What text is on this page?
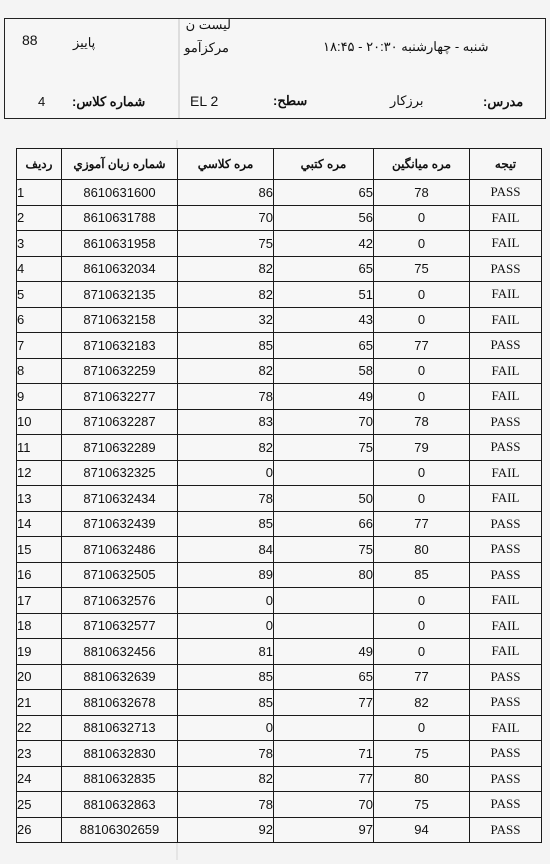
88	پاییز
لیست ن
مرکزآمو	شنبه - چهارشنبه ۲۰:۳۰ - ۱۸:۴۵
4 شماره کلاس:	EL 2	سطح:	برزکار	مدرس:
ردیف	شماره زبان آموزي	مره كلاسي	مره كتبي	مره ميانگين	تيجه
1	8610631600	86	65	78	PASS
2	8610631788	70	56	0	FAIL
3	8610631958	75	42	0	FAIL
4	8610632034	82	65	75	PASS
5	8710632135	82	51	0	FAIL
6	8710632158	32	43	0	FAIL
7	8710632183	85	65	77	PASS
8	8710632259	82	58	0	FAIL
9	8710632277	78	49	0	FAIL
10	8710632287	83	70	78	PASS
11	8710632289	82	75	79	PASS
12	8710632325	0		0	FAIL
13	8710632434	78	50	0	FAIL
14	8710632439	85	66	77	PASS
15	8710632486	84	75	80	PASS
16	8710632505	89	80	85	PASS
17	8710632576	0		0	FAIL
18	8710632577	0		0	FAIL
19	8810632456	81	49	0	FAIL
20	8810632639	85	65	77	PASS
21	8810632678	85	77	82	PASS
22	8810632713	0		0	FAIL
23	8810632830	78	71	75	PASS
24	8810632835	82	77	80	PASS
25	8810632863	78	70	75	PASS
26	88106302659	92	97	94	PASS
